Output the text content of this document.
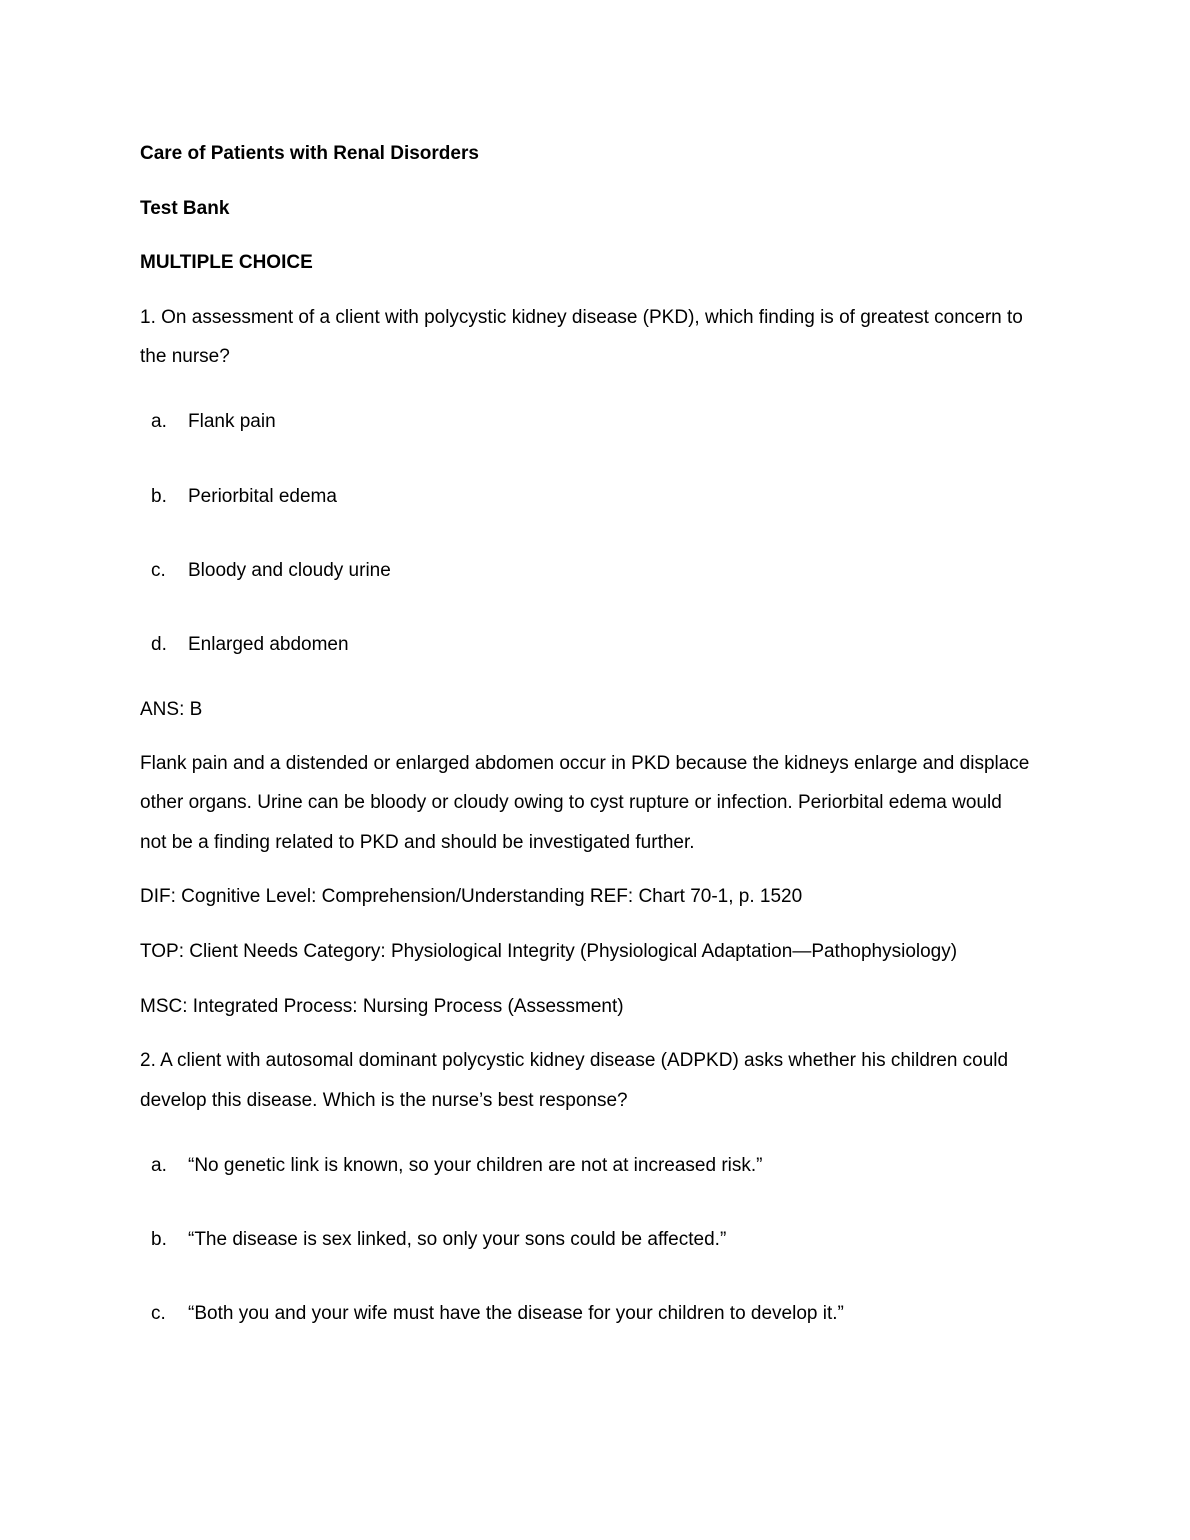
Care of Patients with Renal Disorders

Test Bank

MULTIPLE CHOICE

1. On assessment of a client with polycystic kidney disease (PKD), which finding is of greatest concern to

the nurse?

a. Flank pain
b. Periorbital edema
c. Bloody and cloudy urine
d. Enlarged abdomen

ANS: B

Flank pain and a distended or enlarged abdomen occur in PKD because the kidneys enlarge and displace

other organs. Urine can be bloody or cloudy owing to cyst rupture or infection. Periorbital edema would

not be a finding related to PKD and should be investigated further.

DIF: Cognitive Level: Comprehension/Understanding REF: Chart 70-1, p. 1520

TOP: Client Needs Category: Physiological Integrity (Physiological Adaptation—Pathophysiology)

MSC: Integrated Process: Nursing Process (Assessment)

2. A client with autosomal dominant polycystic kidney disease (ADPKD) asks whether his children could

develop this disease. Which is the nurse’s best response?

a. “No genetic link is known, so your children are not at increased risk.”
b. “The disease is sex linked, so only your sons could be affected.”
c. “Both you and your wife must have the disease for your children to develop it.”
